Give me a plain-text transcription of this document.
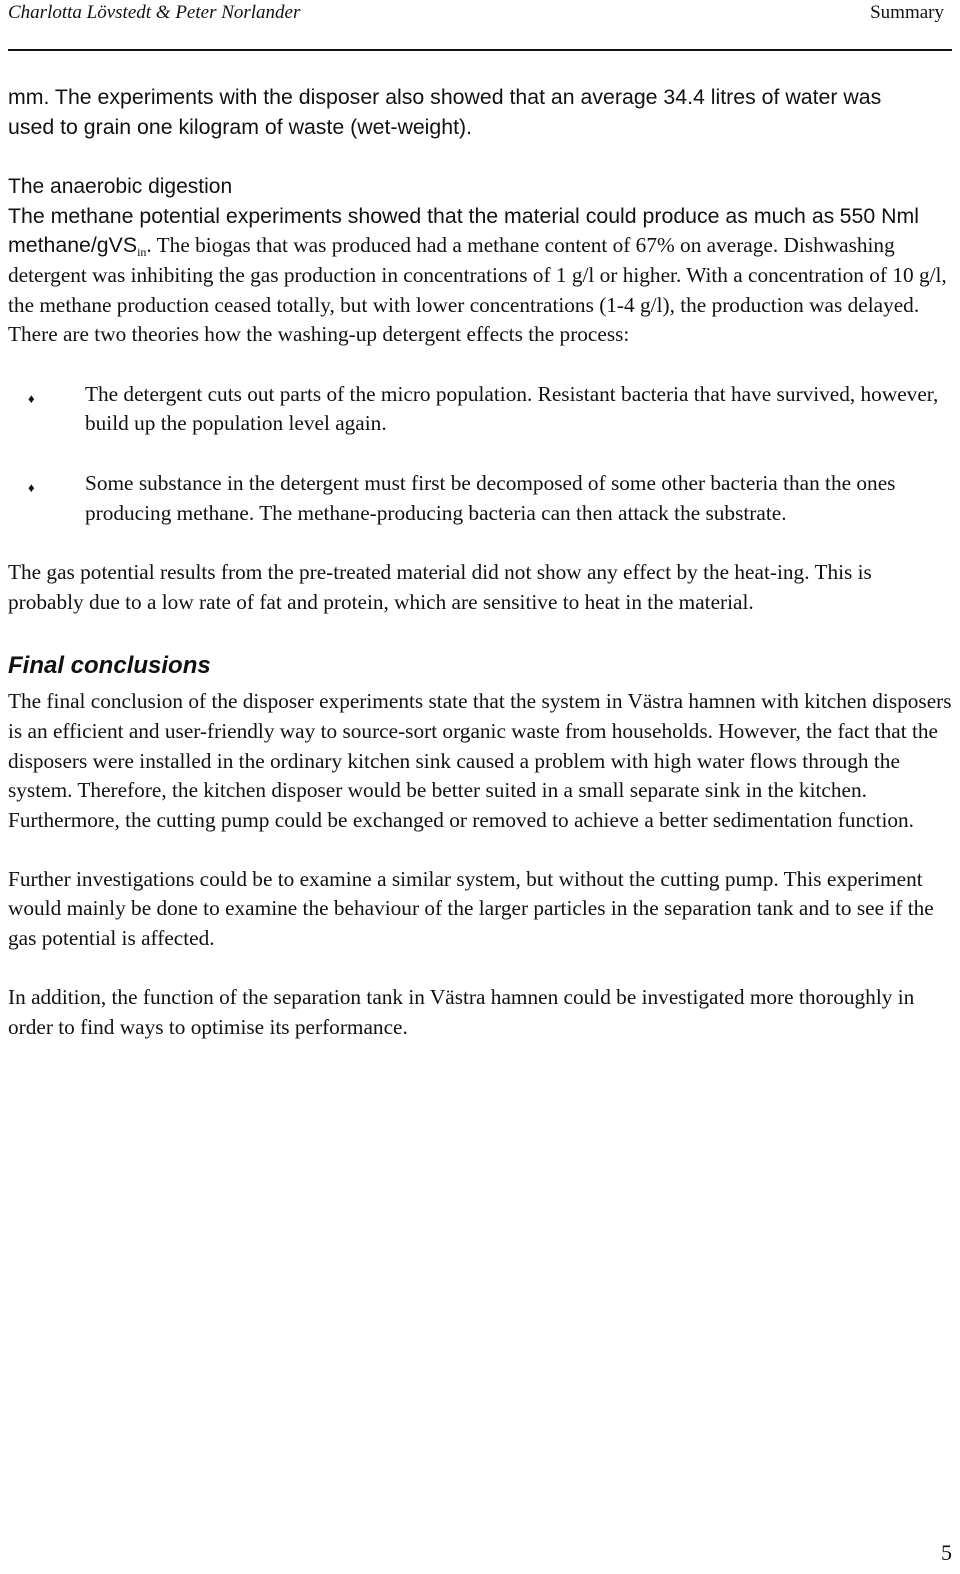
Charlotta Lövstedt & Peter Norlander	Summary

mm. The experiments with the disposer also showed that an average 34.4 litres of water was
used to grain one kilogram of waste (wet-weight).

The anaerobic digestion

The methane potential experiments showed that the material could produce as much as 550 Nml methane/gVS$_{in}$. The biogas that was produced had a methane content of 67% on average. Dishwashing detergent was inhibiting the gas production in concentrations of 1 g/l or higher. With a concentration of 10 g/l, the methane production ceased totally, but with lower concentrations (1-4 g/l), the production was delayed. There are two theories how the washing-up detergent effects the process:

♦ The detergent cuts out parts of the micro population. Resistant bacteria that have survived, however, build up the population level again.
♦ Some substance in the detergent must first be decomposed of some other bacteria than the ones producing methane. The methane-producing bacteria can then attack the substrate.

The gas potential results from the pre-treated material did not show any effect by the heat-ing. This is probably due to a low rate of fat and protein, which are sensitive to heat in the material.

Final conclusions

The final conclusion of the disposer experiments state that the system in Västra hamnen with kitchen disposers is an efficient and user-friendly way to source-sort organic waste from households. However, the fact that the disposers were installed in the ordinary kitchen sink caused a problem with high water flows through the system. Therefore, the kitchen disposer would be better suited in a small separate sink in the kitchen. Furthermore, the cutting pump could be exchanged or removed to achieve a better sedimentation function.

Further investigations could be to examine a similar system, but without the cutting pump. This experiment would mainly be done to examine the behaviour of the larger particles in the separation tank and to see if the gas potential is affected.

In addition, the function of the separation tank in Västra hamnen could be investigated more thoroughly in order to find ways to optimise its performance.

5
